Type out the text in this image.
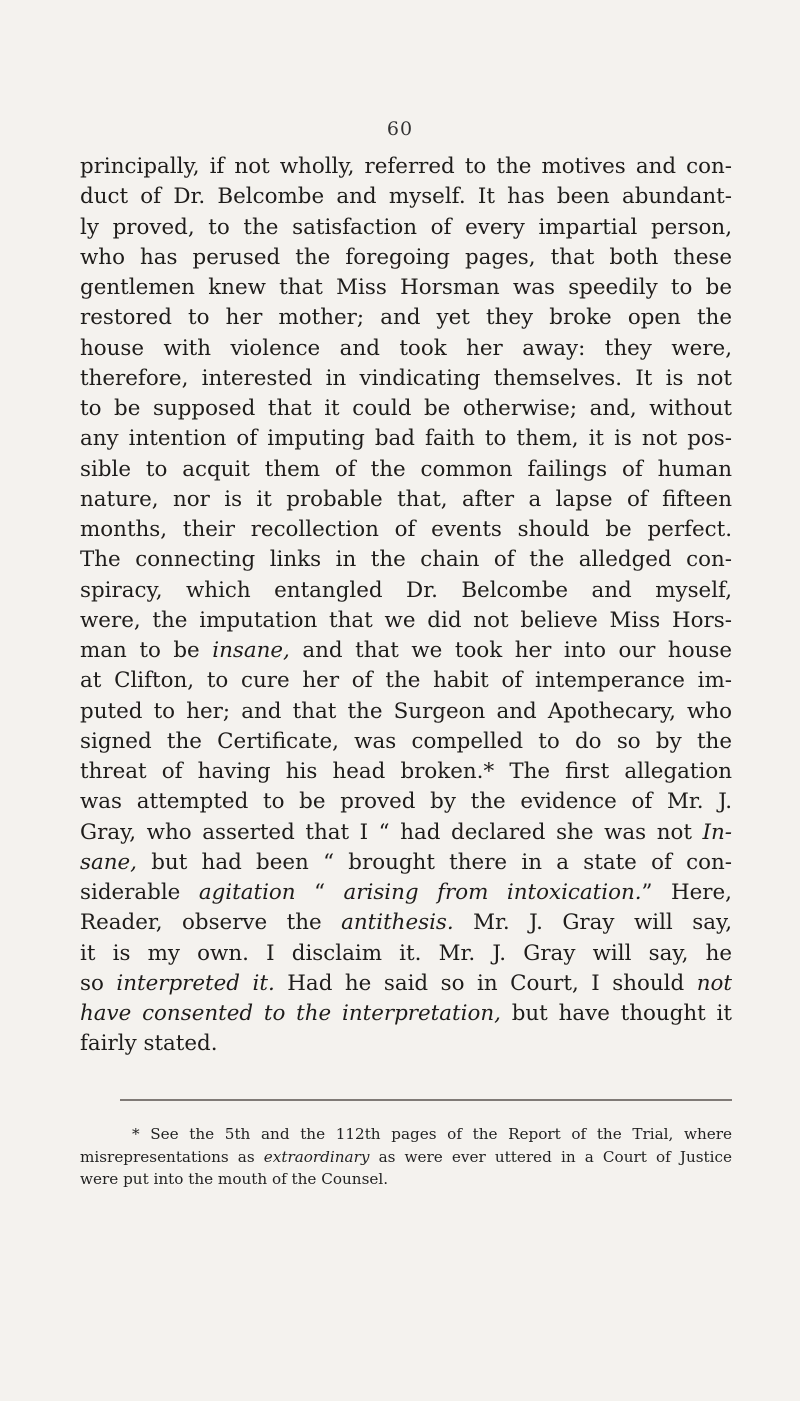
60
principally, if not wholly, referred to the motives and con-
duct of Dr. Belcombe and myself. It has been abundant-
ly proved, to the satisfaction of every impartial person,
who has perused the foregoing pages, that both these
gentlemen knew that Miss Horsman was speedily to be
restored to her mother; and yet they broke open the
house with violence and took her away: they were,
therefore, interested in vindicating themselves. It is not
to be supposed that it could be otherwise; and, without
any intention of imputing bad faith to them, it is not pos-
sible to acquit them of the common failings of human
nature, nor is it probable that, after a lapse of fifteen
months, their recollection of events should be perfect.
The connecting links in the chain of the alledged con-
spiracy, which entangled Dr. Belcombe and myself,
were, the imputation that we did not believe Miss Hors-
man to be insane, and that we took her into our house
at Clifton, to cure her of the habit of intemperance im-
puted to her; and that the Surgeon and Apothecary, who
signed the Certificate, was compelled to do so by the
threat of having his head broken.* The first allegation
was attempted to be proved by the evidence of Mr. J.
Gray, who asserted that I “ had declared she was not In-
sane, but had been “ brought there in a state of con-
siderable agitation “ arising from intoxication.” Here,
Reader, observe the antithesis. Mr. J. Gray will say,
it is my own. I disclaim it. Mr. J. Gray will say, he
so interpreted it. Had he said so in Court, I should not
have consented to the interpretation, but have thought it
fairly stated.
* See the 5th and the 112th pages of the Report of the Trial, where
misrepresentations as extraordinary as were ever uttered in a Court of Justice
were put into the mouth of the Counsel.
